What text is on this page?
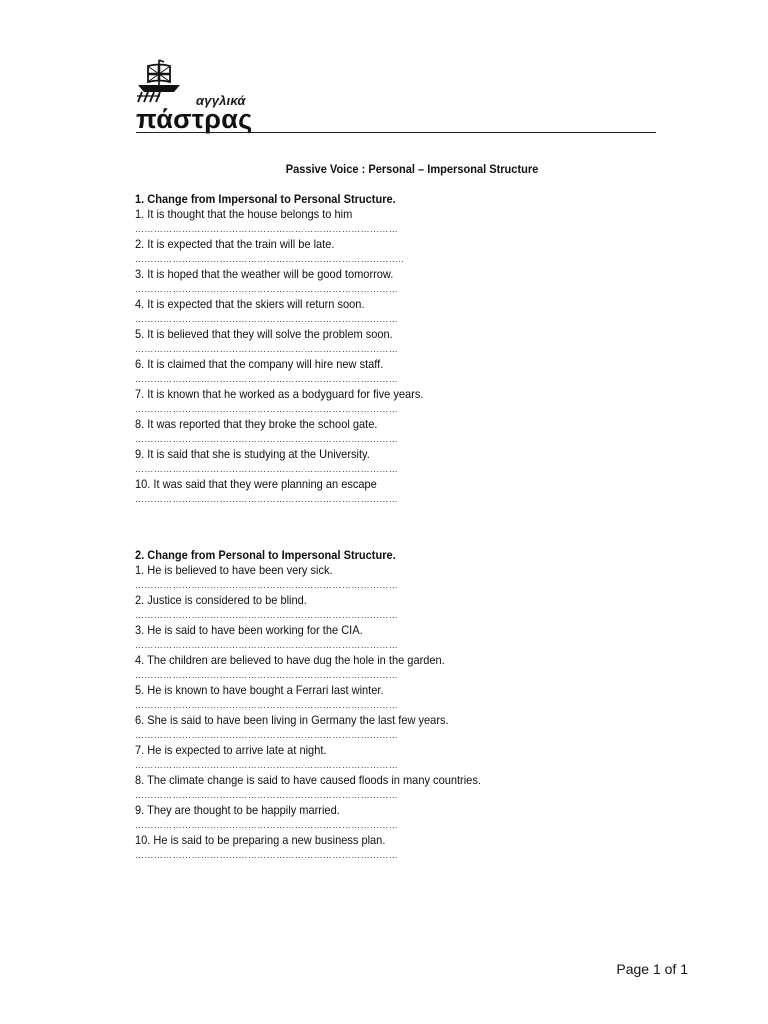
αγγλικά
πάστρας
Passive Voice : Personal – Impersonal Structure
1. Change from Impersonal to Personal Structure.
1. It is thought that the house belongs to him
…………………………………………………………………………
2. It is expected that the train will be late.
…………………………………………………………………………..
3. It is hoped that the weather will be good tomorrow.
…………………………………………………………………………
4. It is expected that the skiers will return soon.
…………………………………………………………………………
5. It is believed that they will solve the problem soon.
…………………………………………………………………………
6. It is claimed that the company will hire new staff.
…………………………………………………………………………
7. It is known that he worked as a bodyguard for five years.
…………………………………………………………………………
8. It was reported that they broke the school gate.
…………………………………………………………………………
9. It is said that she is studying at the University.
…………………………………………………………………………
10. It was said that they were planning an escape
…………………………………………………………………………
2. Change from Personal to Impersonal Structure.
1. He is believed to have been very sick.
…………………………………………………………………………
2. Justice is considered to be blind.
…………………………………………………………………………
3. He is said to have been working for the CIA.
…………………………………………………………………………
4. The children are believed to have dug the hole in the garden.
…………………………………………………………………………
5. He is known to have bought a Ferrari last winter.
…………………………………………………………………………
6. She is said to have been living in Germany the last few years.
…………………………………………………………………………
7. He is expected to arrive late at night.
…………………………………………………………………………
8. The climate change is said to have caused floods in many countries.
…………………………………………………………………………
9. They are thought to be happily married.
…………………………………………………………………………
10. He is said to be preparing a new business plan.
…………………………………………………………………………
Page 1 of 1
